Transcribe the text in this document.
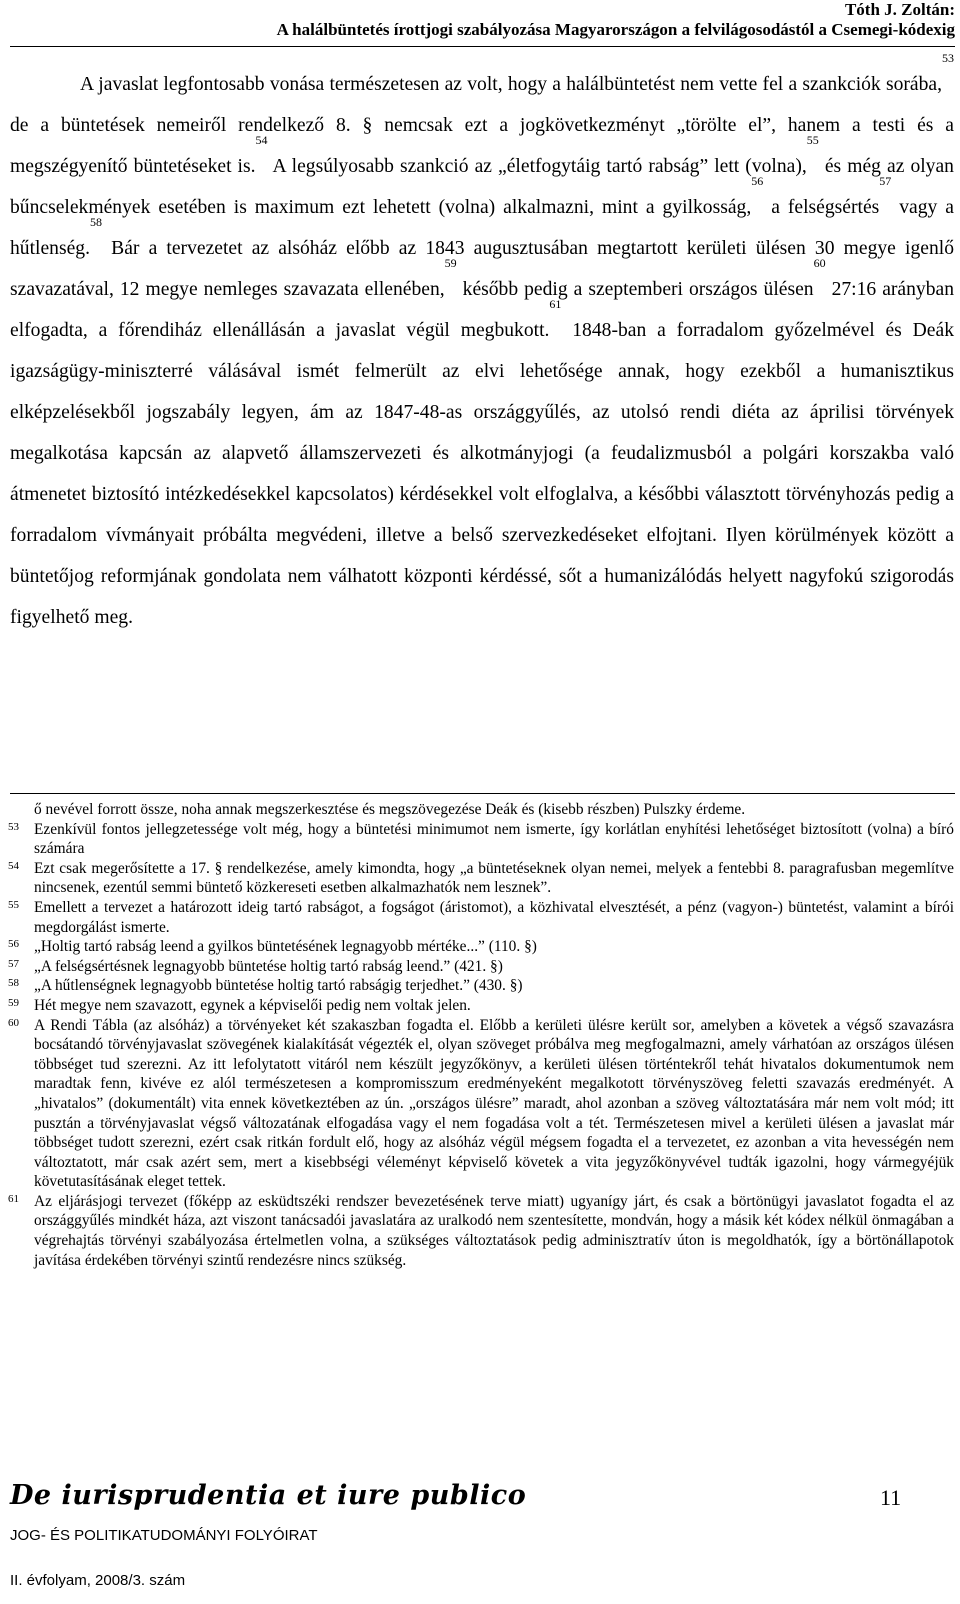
Tóth J. Zoltán:
A halálbüntetés írottjogi szabályozása Magyarországon a felvilágosodástól a Csemegi-kódexig

A javaslat legfontosabb vonása természetesen az volt, hogy a halálbüntetést nem vette fel a szankciók sorába,$^{53}$ de a büntetések nemeiről rendelkező 8. § nemcsak ezt a jogkövetkezményt „törölte el”, hanem a testi és a megszégyenítő büntetéseket is.$^{54}$ A legsúlyosabb szankció az „életfogytáig tartó rabság” lett (volna),$^{55}$ és még az olyan bűncselekmények esetében is maximum ezt lehetett (volna) alkalmazni, mint a gyilkosság,$^{56}$ a felségsértés$^{57}$ vagy a hűtlenség.$^{58}$ Bár a tervezetet az alsóház előbb az 1843 augusztusában megtartott kerületi ülésen 30 megye igenlő szavazatával, 12 megye nemleges szavazata ellenében,$^{59}$ később pedig a szeptemberi országos ülésen$^{60}$ 27:16 arányban elfogadta, a főrendiház ellenállásán a javaslat végül megbukott.$^{61}$ 1848-ban a forradalom győzelmével és Deák igazságügy-miniszterré válásával ismét felmerült az elvi lehetősége annak, hogy ezekből a humanisztikus elképzelésekből jogszabály legyen, ám az 1847-48-as országgyűlés, az utolsó rendi diéta az áprilisi törvények megalkotása kapcsán az alapvető államszervezeti és alkotmányjogi (a feudalizmusból a polgári korszakba való átmenetet biztosító intézkedésekkel kapcsolatos) kérdésekkel volt elfoglalva, a későbbi választott törvényhozás pedig a forradalom vívmányait próbálta megvédeni, illetve a belső szervezkedéseket elfojtani. Ilyen körülmények között a büntetőjog reformjának gondolata nem válhatott központi kérdéssé, sőt a humanizálódás helyett nagyfokú szigorodás figyelhető meg.

ő nevével forrott össze, noha annak megszerkesztése és megszövegezése Deák és (kisebb részben) Pulszky érdeme.

53 Ezenkívül fontos jellegzetessége volt még, hogy a büntetési minimumot nem ismerte, így korlátlan enyhítési lehetőséget biztosított (volna) a bíró számára

54 Ezt csak megerősítette a 17. § rendelkezése, amely kimondta, hogy „a büntetéseknek olyan nemei, melyek a fentebbi 8. paragrafusban megemlítve nincsenek, ezentúl semmi büntető közkereseti esetben alkalmazhatók nem lesznek”.

55 Emellett a tervezet a határozott ideig tartó rabságot, a fogságot (áristomot), a közhivatal elvesztését, a pénz (vagyon-) büntetést, valamint a bírói megdorgálást ismerte.

56 „Holtig tartó rabság leend a gyilkos büntetésének legnagyobb mértéke...” (110. §)

57 „A felségsértésnek legnagyobb büntetése holtig tartó rabság leend.” (421. §)

58 „A hűtlenségnek legnagyobb büntetése holtig tartó rabságig terjedhet.” (430. §)

59 Hét megye nem szavazott, egynek a képviselői pedig nem voltak jelen.

60 A Rendi Tábla (az alsóház) a törvényeket két szakaszban fogadta el. Előbb a kerületi ülésre került sor, amelyben a követek a végső szavazásra bocsátandó törvényjavaslat szövegének kialakítását végezték el, olyan szöveget próbálva meg megfogalmazni, amely várhatóan az országos ülésen többséget tud szerezni. Az itt lefolytatott vitáról nem készült jegyzőkönyv, a kerületi ülésen történtekről tehát hivatalos dokumentumok nem maradtak fenn, kivéve ez alól természetesen a kompromisszum eredményeként megalkotott törvényszöveg feletti szavazás eredményét. A „hivatalos” (dokumentált) vita ennek következtében az ún. „országos ülésre” maradt, ahol azonban a szöveg változtatására már nem volt mód; itt pusztán a törvényjavaslat végső változatának elfogadása vagy el nem fogadása volt a tét. Természetesen mivel a kerületi ülésen a javaslat már többséget tudott szerezni, ezért csak ritkán fordult elő, hogy az alsóház végül mégsem fogadta el a tervezetet, ez azonban a vita hevességén nem változtatott, már csak azért sem, mert a kisebbségi véleményt képviselő követek a vita jegyzőkönyvével tudták igazolni, hogy vármegyéjük követutasításának eleget tettek.

61 Az eljárásjogi tervezet (főképp az esküdtszéki rendszer bevezetésének terve miatt) ugyanígy járt, és csak a börtönügyi javaslatot fogadta el az országgyűlés mindkét háza, azt viszont tanácsadói javaslatára az uralkodó nem szentesítette, mondván, hogy a másik két kódex nélkül önmagában a végrehajtás törvényi szabályozása értelmetlen volna, a szükséges változtatások pedig adminisztratív úton is megoldhatók, így a börtönállapotok javítása érdekében törvényi szintű rendezésre nincs szükség.

De iurisprudentia et iure publico	11
JOG- ÉS POLITIKATUDOMÁNYI FOLYÓIRAT
II. évfolyam, 2008/3. szám
